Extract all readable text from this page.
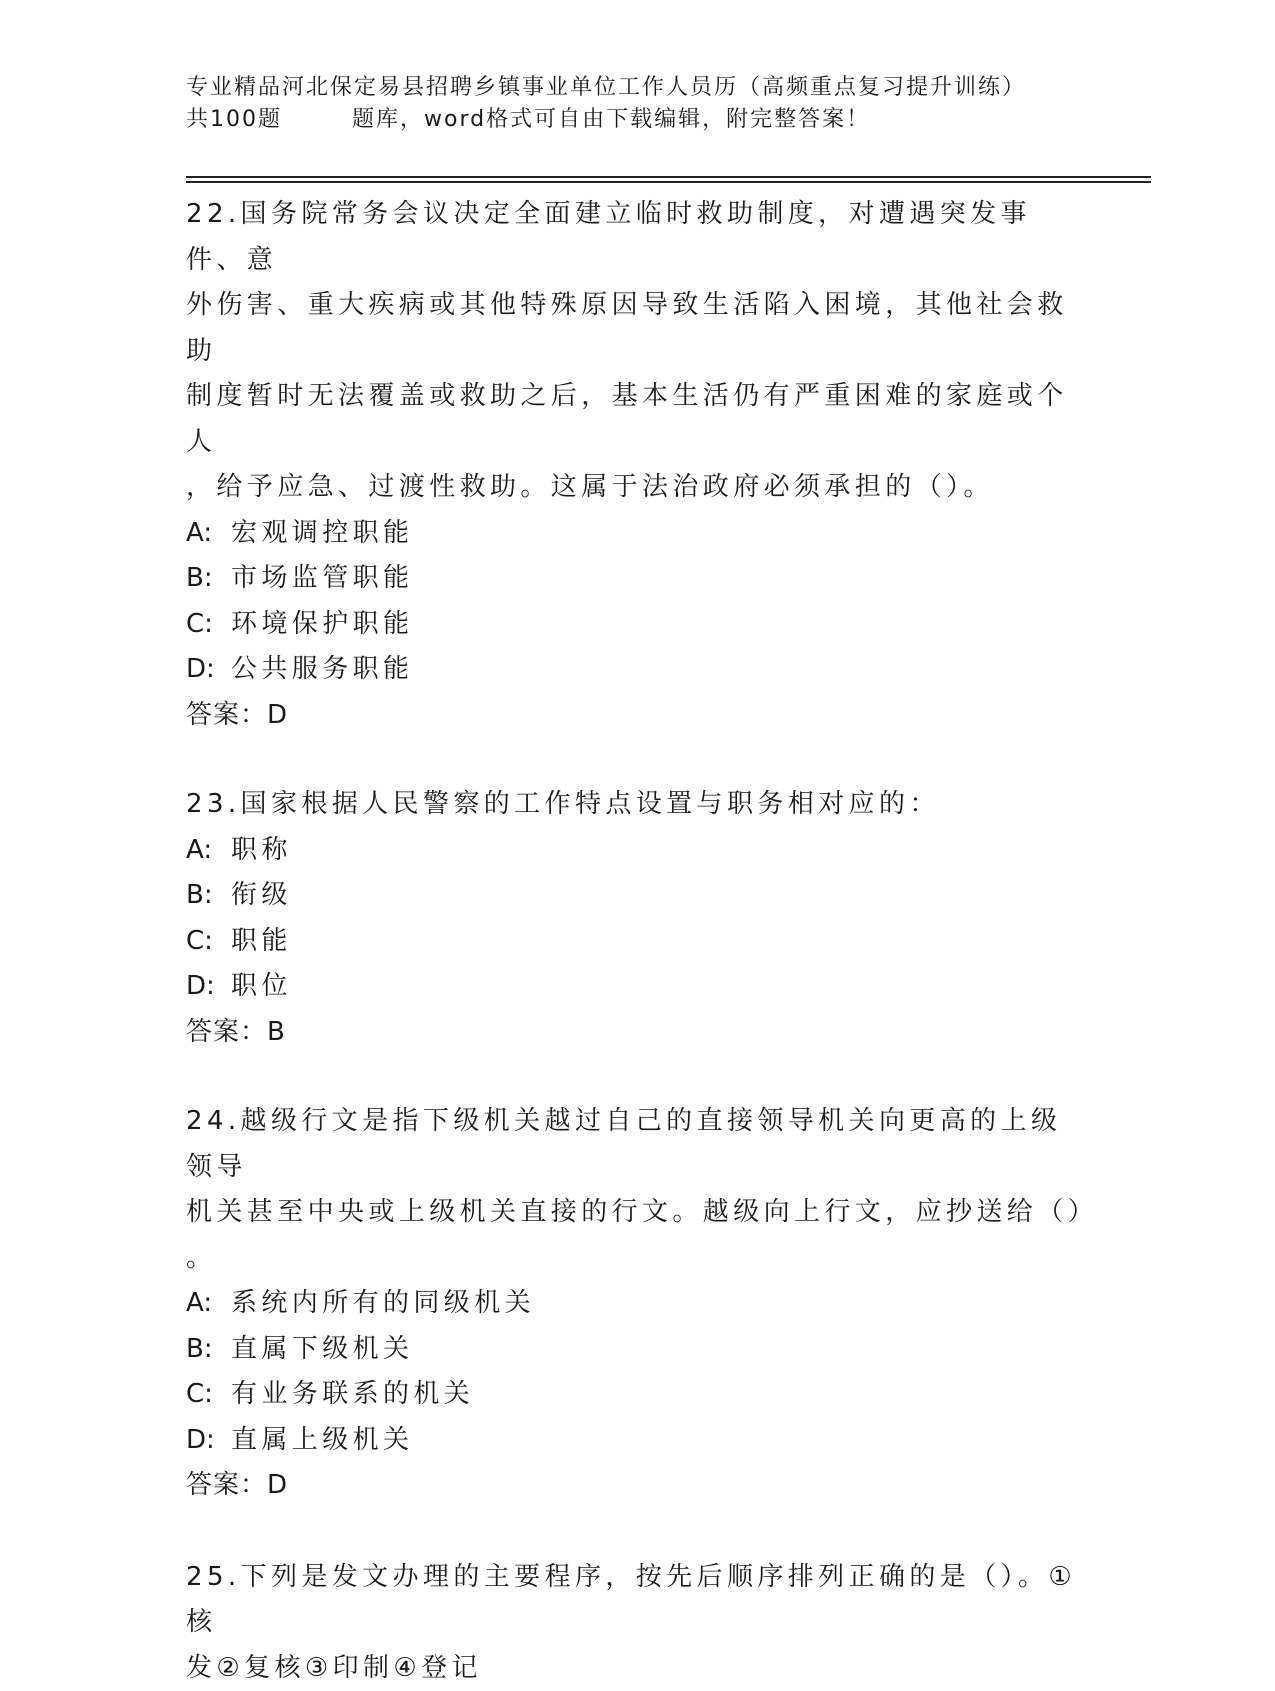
专业精品河北保定易县招聘乡镇事业单位工作人员历（高频重点复习提升训练）
共100题	题库，word格式可自由下载编辑，附完整答案！

22.国务院常务会议决定全面建立临时救助制度，对遭遇突发事件、意

外伤害、重大疾病或其他特殊原因导致生活陷入困境，其他社会救助

制度暂时无法覆盖或救助之后，基本生活仍有严重困难的家庭或个人

，给予应急、过渡性救助。这属于法治政府必须承担的（）。

A: 宏观调控职能

B: 市场监管职能

C: 环境保护职能

D: 公共服务职能

答案：D

23.国家根据人民警察的工作特点设置与职务相对应的：

A: 职称

B: 衔级

C: 职能

D: 职位

答案：B

24.越级行文是指下级机关越过自己的直接领导机关向更高的上级领导

机关甚至中央或上级机关直接的行文。越级向上行文，应抄送给（）

。

A: 系统内所有的同级机关

B: 直属下级机关

C: 有业务联系的机关

D: 直属上级机关

答案：D

25.下列是发文办理的主要程序，按先后顺序排列正确的是（）。①核

发②复核③印制④登记
